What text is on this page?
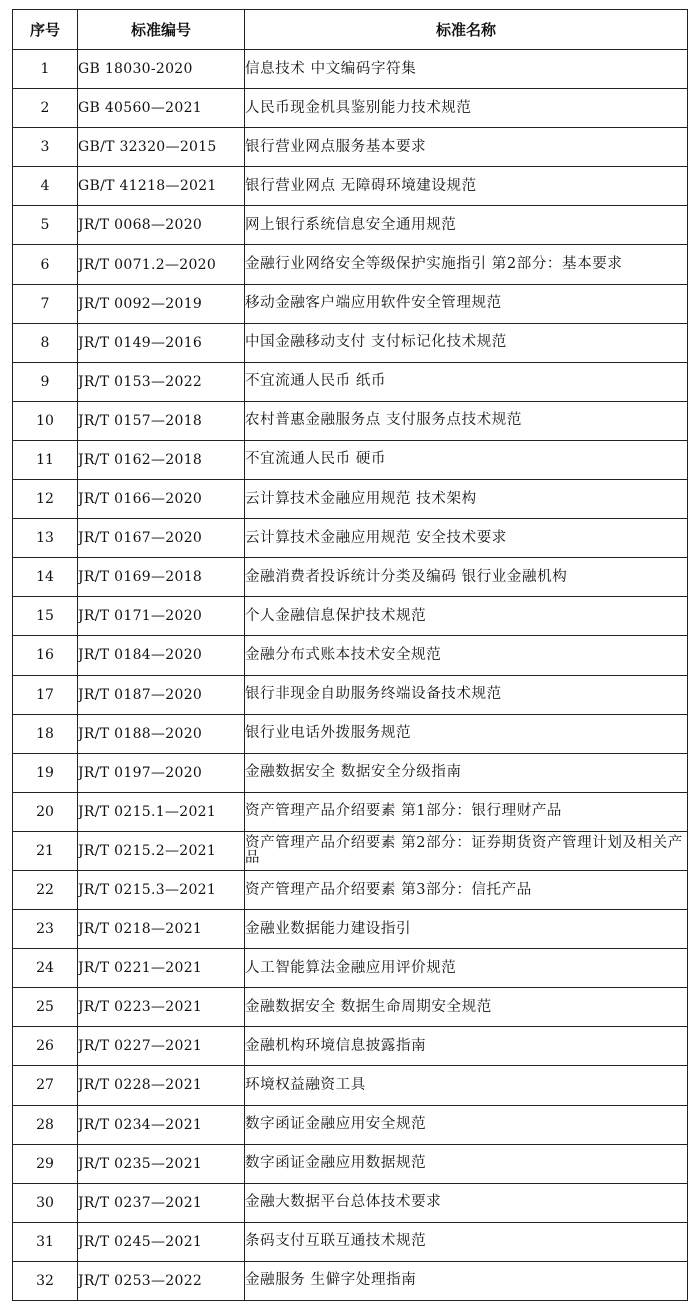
序号	标准编号	标准名称
1	GB 18030-2020	信息技术 中文编码字符集
2	GB 40560—2021	人民币现金机具鉴别能力技术规范
3	GB/T 32320—2015	银行营业网点服务基本要求
4	GB/T 41218—2021	银行营业网点 无障碍环境建设规范
5	JR/T 0068—2020	网上银行系统信息安全通用规范
6	JR/T 0071.2—2020	金融行业网络安全等级保护实施指引 第2部分：基本要求
7	JR/T 0092—2019	移动金融客户端应用软件安全管理规范
8	JR/T 0149—2016	中国金融移动支付 支付标记化技术规范
9	JR/T 0153—2022	不宜流通人民币 纸币
10	JR/T 0157—2018	农村普惠金融服务点 支付服务点技术规范
11	JR/T 0162—2018	不宜流通人民币 硬币
12	JR/T 0166—2020	云计算技术金融应用规范 技术架构
13	JR/T 0167—2020	云计算技术金融应用规范 安全技术要求
14	JR/T 0169—2018	金融消费者投诉统计分类及编码 银行业金融机构
15	JR/T 0171—2020	个人金融信息保护技术规范
16	JR/T 0184—2020	金融分布式账本技术安全规范
17	JR/T 0187—2020	银行非现金自助服务终端设备技术规范
18	JR/T 0188—2020	银行业电话外拨服务规范
19	JR/T 0197—2020	金融数据安全 数据安全分级指南
20	JR/T 0215.1—2021	资产管理产品介绍要素 第1部分：银行理财产品
21	JR/T 0215.2—2021	资产管理产品介绍要素 第2部分：证券期货资产管理计划及相关产品
22	JR/T 0215.3—2021	资产管理产品介绍要素 第3部分：信托产品
23	JR/T 0218—2021	金融业数据能力建设指引
24	JR/T 0221—2021	人工智能算法金融应用评价规范
25	JR/T 0223—2021	金融数据安全 数据生命周期安全规范
26	JR/T 0227—2021	金融机构环境信息披露指南
27	JR/T 0228—2021	环境权益融资工具
28	JR/T 0234—2021	数字函证金融应用安全规范
29	JR/T 0235—2021	数字函证金融应用数据规范
30	JR/T 0237—2021	金融大数据平台总体技术要求
31	JR/T 0245—2021	条码支付互联互通技术规范
32	JR/T 0253—2022	金融服务 生僻字处理指南
